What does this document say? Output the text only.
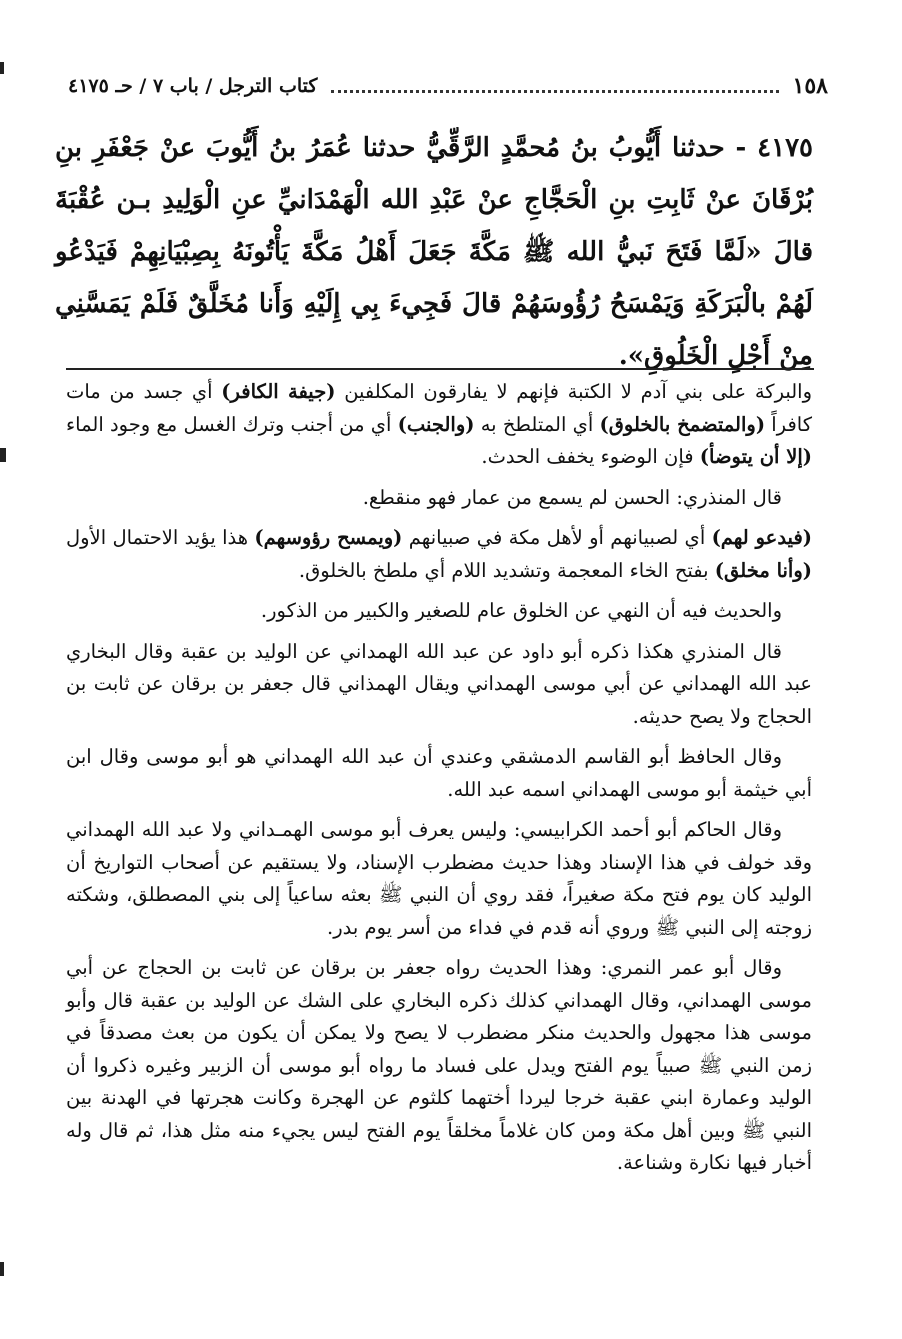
١٥٨
كتاب الترجل / باب ٧ / حـ ٤١٧٥
٤١٧٥ - حدثنا أَيُّوبُ بنُ مُحمَّدٍ الرَّقِّيُّ حدثنا عُمَرُ بنُ أَيُّوبَ عنْ جَعْفَرِ بنِ بُرْقَانَ عنْ ثَابِتِ بنِ الْحَجَّاجِ عنْ عَبْدِ الله الْهَمْدَانيِّ عنِ الْوَلِيدِ بـن عُقْبَةَ قالَ «لَمَّا فَتَحَ نَبيُّ الله ﷺ مَكَّةَ جَعَلَ أَهْلُ مَكَّةَ يَأْتُونَهُ بِصِبْيَانِهِمْ فَيَدْعُو لَهُمْ بالْبَرَكَةِ وَيَمْسَحُ رُؤُوسَهُمْ قالَ فَجِيءَ بِي إِلَيْهِ وَأَنا مُخَلَّقٌ فَلَمْ يَمَسَّنِي مِنْ أَجْلِ الْخَلُوقِ».

والبركة على بني آدم لا الكتبة فإنهم لا يفارقون المكلفين (جيفة الكافر) أي جسد من مات كافراً (والمتضمخ بالخلوق) أي المتلطخ به (والجنب) أي من أجنب وترك الغسل مع وجود الماء (إلا أن يتوضأ) فإن الوضوء يخفف الحدث.

قال المنذري: الحسن لم يسمع من عمار فهو منقطع.

(فيدعو لهم) أي لصبيانهم أو لأهل مكة في صبيانهم (ويمسح رؤوسهم) هذا يؤيد الاحتمال الأول (وأنا مخلق) بفتح الخاء المعجمة وتشديد اللام أي ملطخ بالخلوق.

والحديث فيه أن النهي عن الخلوق عام للصغير والكبير من الذكور.

قال المنذري هكذا ذكره أبو داود عن عبد الله الهمداني عن الوليد بن عقبة وقال البخاري عبد الله الهمداني عن أبي موسى الهمداني ويقال الهمذاني قال جعفر بن برقان عن ثابت بن الحجاج ولا يصح حديثه.

وقال الحافظ أبو القاسم الدمشقي وعندي أن عبد الله الهمداني هو أبو موسى وقال ابن أبي خيثمة أبو موسى الهمداني اسمه عبد الله.

وقال الحاكم أبو أحمد الكرابيسي: وليس يعرف أبو موسى الهمـداني ولا عبد الله الهمداني وقد خولف في هذا الإسناد وهذا حديث مضطرب الإسناد، ولا يستقيم عن أصحاب التواريخ أن الوليد كان يوم فتح مكة صغيراً، فقد روي أن النبي ﷺ بعثه ساعياً إلى بني المصطلق، وشكته زوجته إلى النبي ﷺ وروي أنه قدم في فداء من أسر يوم بدر.

وقال أبو عمر النمري: وهذا الحديث رواه جعفر بن برقان عن ثابت بن الحجاج عن أبي موسى الهمداني، وقال الهمداني كذلك ذكره البخاري على الشك عن الوليد بن عقبة قال وأبو موسى هذا مجهول والحديث منكر مضطرب لا يصح ولا يمكن أن يكون من بعث مصدقاً في زمن النبي ﷺ صبياً يوم الفتح ويدل على فساد ما رواه أبو موسى أن الزبير وغيره ذكروا أن الوليد وعمارة ابني عقبة خرجا ليردا أختهما كلثوم عن الهجرة وكانت هجرتها في الهدنة بين النبي ﷺ وبين أهل مكة ومن كان غلاماً مخلقاً يوم الفتح ليس يجيء منه مثل هذا، ثم قال وله أخبار فيها نكارة وشناعة.
